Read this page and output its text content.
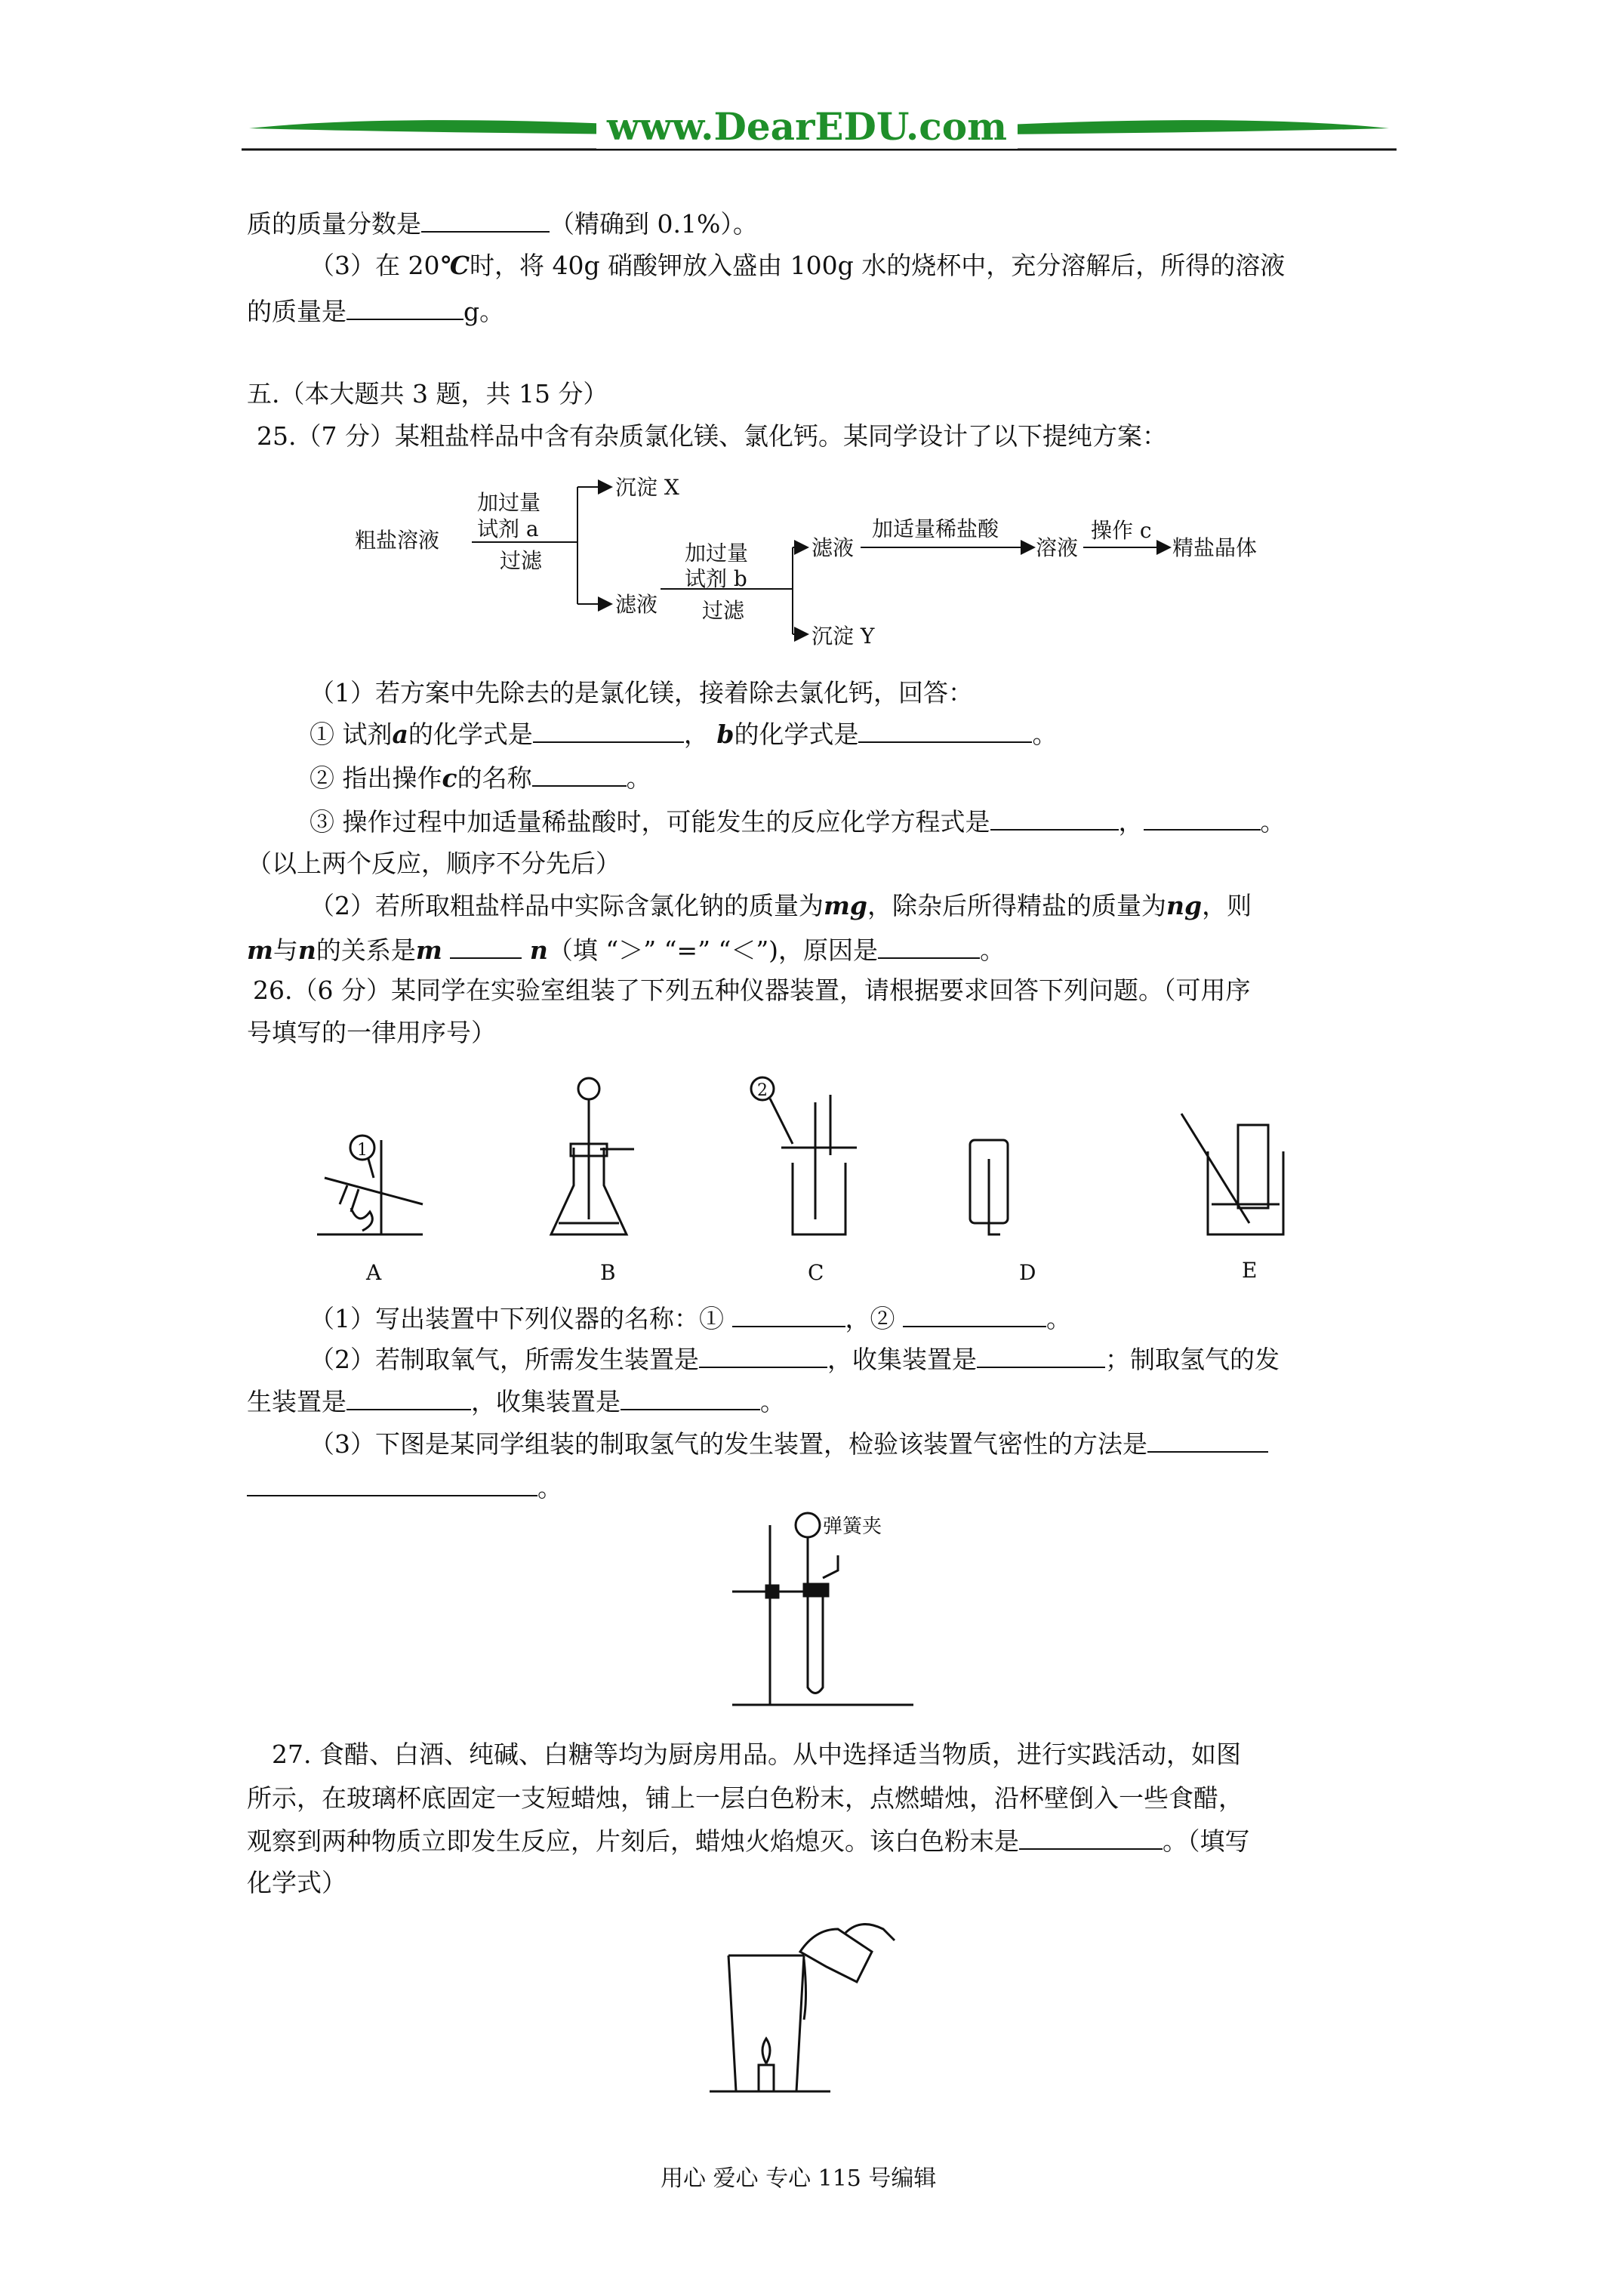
www.DearEDU.com
质的质量分数是	（精确到 0.1%）。
（3）在 20℃时，将 40g 硝酸钾放入盛由 100g 水的烧杯中，充分溶解后，所得的溶液
的质量是	g。
五.（本大题共 3 题，共 15 分）
25.（7 分）某粗盐样品中含有杂质氯化镁、氯化钙。某同学设计了以下提纯方案：
粗盐溶液
加过量
试剂 a
过滤
沉淀 X
滤液
加过量
试剂 b
过滤
滤液
沉淀 Y
加适量稀盐酸
溶液
操作 c
精盐晶体
（1）若方案中先除去的是氯化镁，接着除去氯化钙，回答：
① 试剂a的化学式是	， b的化学式是	。
② 指出操作c的名称	。
③ 操作过程中加适量稀盐酸时，可能发生的反应化学方程式是	，	。
（以上两个反应，顺序不分先后）
（2）若所取粗盐样品中实际含氯化钠的质量为mg，除杂后所得精盐的质量为ng，则
m与n的关系是m	n（填 “＞” “=” “＜”)，原因是	。
26.（6 分）某同学在实验室组装了下列五种仪器装置，请根据要求回答下列问题。（可用序
号填写的一律用序号）
1
2
A	B	C	D	E
（1）写出装置中下列仪器的名称：①	，②	。
（2）若制取氧气，所需发生装置是	，收集装置是	；制取氢气的发
生装置是	，收集装置是	。
（3）下图是某同学组装的制取氢气的发生装置，检验该装置气密性的方法是
。
弹簧夹
27. 食醋、白酒、纯碱、白糖等均为厨房用品。从中选择适当物质，进行实践活动，如图
所示，在玻璃杯底固定一支短蜡烛，铺上一层白色粉末，点燃蜡烛，沿杯壁倒入一些食醋，
观察到两种物质立即发生反应，片刻后，蜡烛火焰熄灭。该白色粉末是	。（填写
化学式）
用心 爱心 专心 115 号编辑
